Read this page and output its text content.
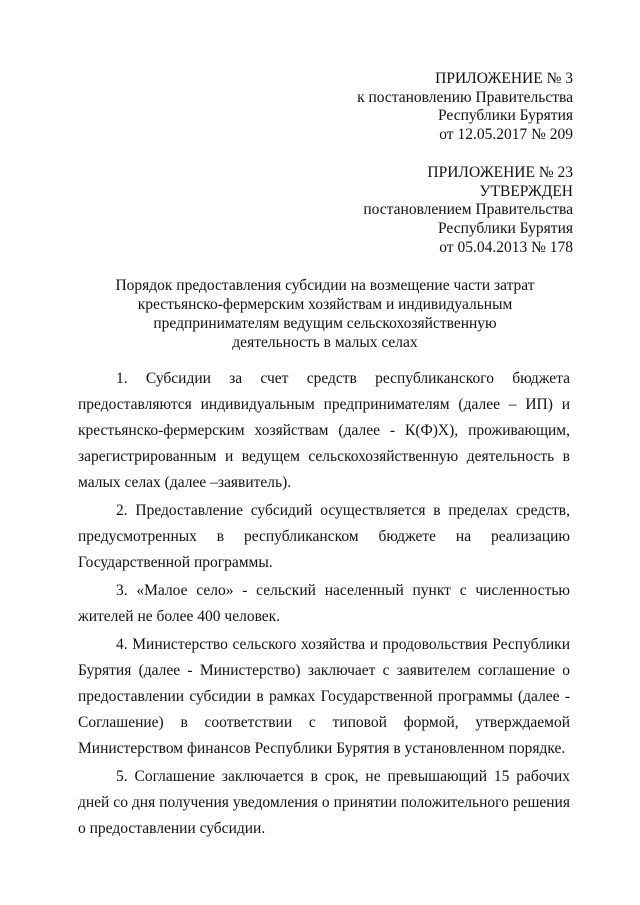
ПРИЛОЖЕНИЕ № 3
к постановлению Правительства
Республики Бурятия
от 12.05.2017 № 209
ПРИЛОЖЕНИЕ № 23
УТВЕРЖДЕН
постановлением Правительства
Республики Бурятия
от 05.04.2013 № 178
Порядок предоставления субсидии на возмещение части затрат
крестьянско-фермерским хозяйствам и индивидуальным
предпринимателям ведущим сельскохозяйственную
деятельность в малых селах

1. Субсидии за счет средств республиканского бюджета предоставляются индивидуальным предпринимателям (далее – ИП) и крестьянско-фермерским хозяйствам (далее - К(Ф)Х), проживающим, зарегистрированным и ведущем сельскохозяйственную деятельность в малых селах (далее –заявитель).

2. Предоставление субсидий осуществляется в пределах средств, предусмотренных в республиканском бюджете на реализацию Государственной программы.

3. «Малое село» - сельский населенный пункт с численностью жителей не более 400 человек.

4. Министерство сельского хозяйства и продовольствия Республики Бурятия (далее - Министерство) заключает с заявителем соглашение о предоставлении субсидии в рамках Государственной программы (далее - Соглашение) в соответствии с типовой формой, утверждаемой Министерством финансов Республики Бурятия в установленном порядке.

5. Соглашение заключается в срок, не превышающий 15 рабочих дней со дня получения уведомления о принятии положительного решения о предоставлении субсидии.
